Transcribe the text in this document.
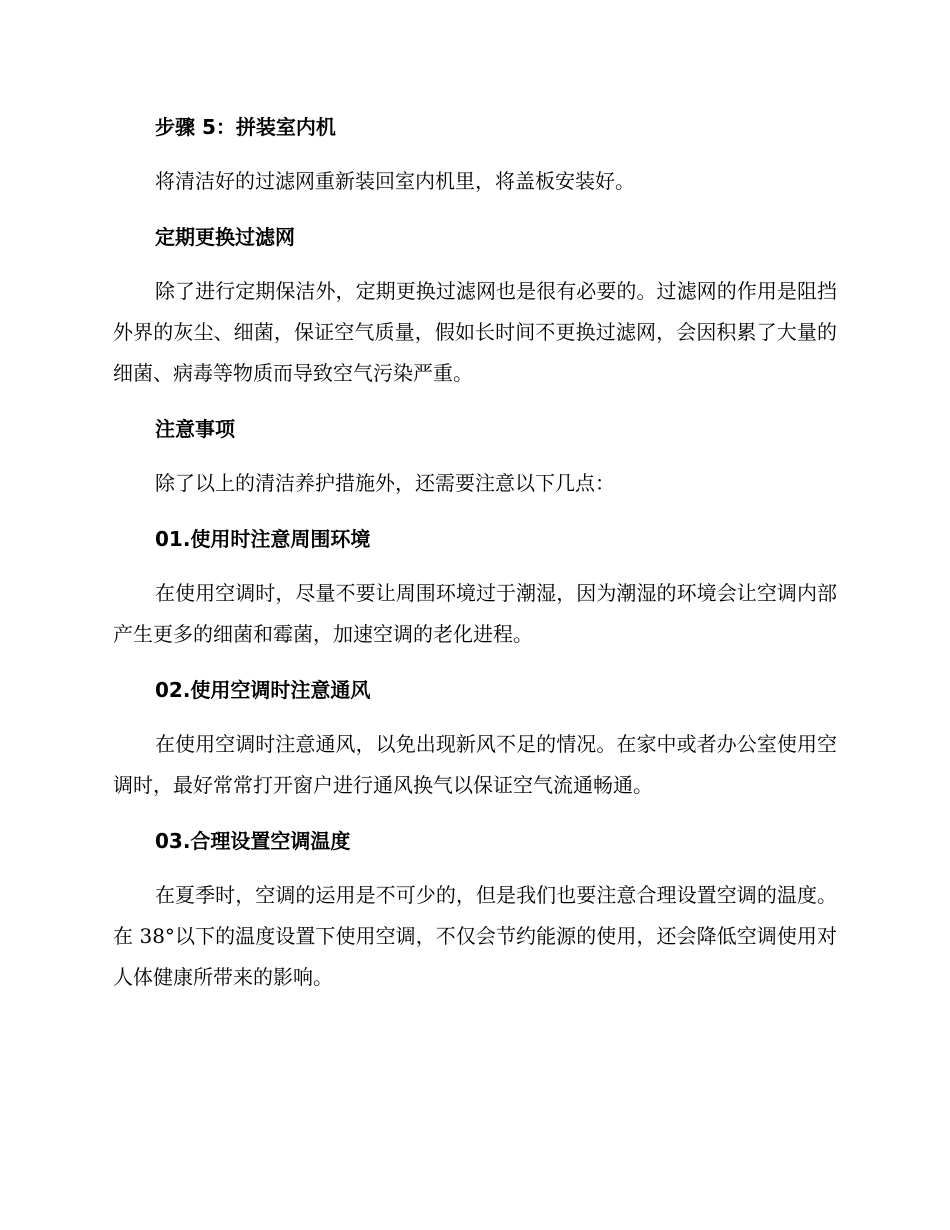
步骤 5：拼装室内机

将清洁好的过滤网重新装回室内机里，将盖板安装好。

定期更换过滤网

除了进行定期保洁外，定期更换过滤网也是很有必要的。过滤网的作用是阻挡外界的灰尘、细菌，保证空气质量，假如长时间不更换过滤网，会因积累了大量的细菌、病毒等物质而导致空气污染严重。

注意事项

除了以上的清洁养护措施外，还需要注意以下几点：

01.使用时注意周围环境

在使用空调时，尽量不要让周围环境过于潮湿，因为潮湿的环境会让空调内部产生更多的细菌和霉菌，加速空调的老化进程。

02.使用空调时注意通风

在使用空调时注意通风，以免出现新风不足的情况。在家中或者办公室使用空调时，最好常常打开窗户进行通风换气以保证空气流通畅通。

03.合理设置空调温度

在夏季时，空调的运用是不可少的，但是我们也要注意合理设置空调的温度。在 38°以下的温度设置下使用空调，不仅会节约能源的使用，还会降低空调使用对人体健康所带来的影响。
